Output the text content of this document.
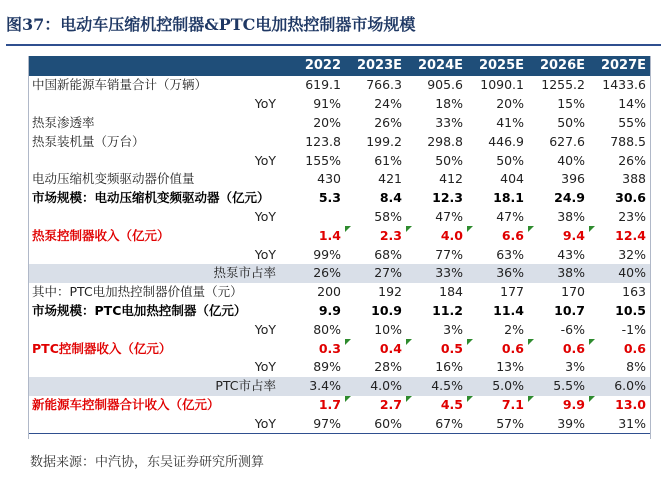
图37：电动车压缩机控制器&PTC电加热控制器市场规模
	2022	2023E	2024E	2025E	2026E	2027E
中国新能源车销量合计（万辆）	619.1	766.3	905.6	1090.1	1255.2	1433.6
YoY	91%	24%	18%	20%	15%	14%
热泵渗透率	20%	26%	33%	41%	50%	55%
热泵装机量（万台）	123.8	199.2	298.8	446.9	627.6	788.5
YoY	155%	61%	50%	50%	40%	26%
电动压缩机变频驱动器价值量	430	421	412	404	396	388
市场规模：电动压缩机变频驱动器（亿元）	5.3	8.4	12.3	18.1	24.9	30.6
YoY		58%	47%	47%	38%	23%
热泵控制器收入（亿元）	1.4	2.3	4.0	6.6	9.4	12.4
YoY	99%	68%	77%	63%	43%	32%
热泵市占率	26%	27%	33%	36%	38%	40%
其中：PTC电加热控制器价值量（元）	200	192	184	177	170	163
市场规模：PTC电加热控制器（亿元）	9.9	10.9	11.2	11.4	10.7	10.5
YoY	80%	10%	3%	2%	-6%	-1%
PTC控制器收入（亿元）	0.3	0.4	0.5	0.6	0.6	0.6
YoY	89%	28%	16%	13%	3%	8%
PTC市占率	3.4%	4.0%	4.5%	5.0%	5.5%	6.0%
新能源车控制器合计收入（亿元）	1.7	2.7	4.5	7.1	9.9	13.0
YoY	97%	60%	67%	57%	39%	31%
数据来源：中汽协，东吴证券研究所测算
